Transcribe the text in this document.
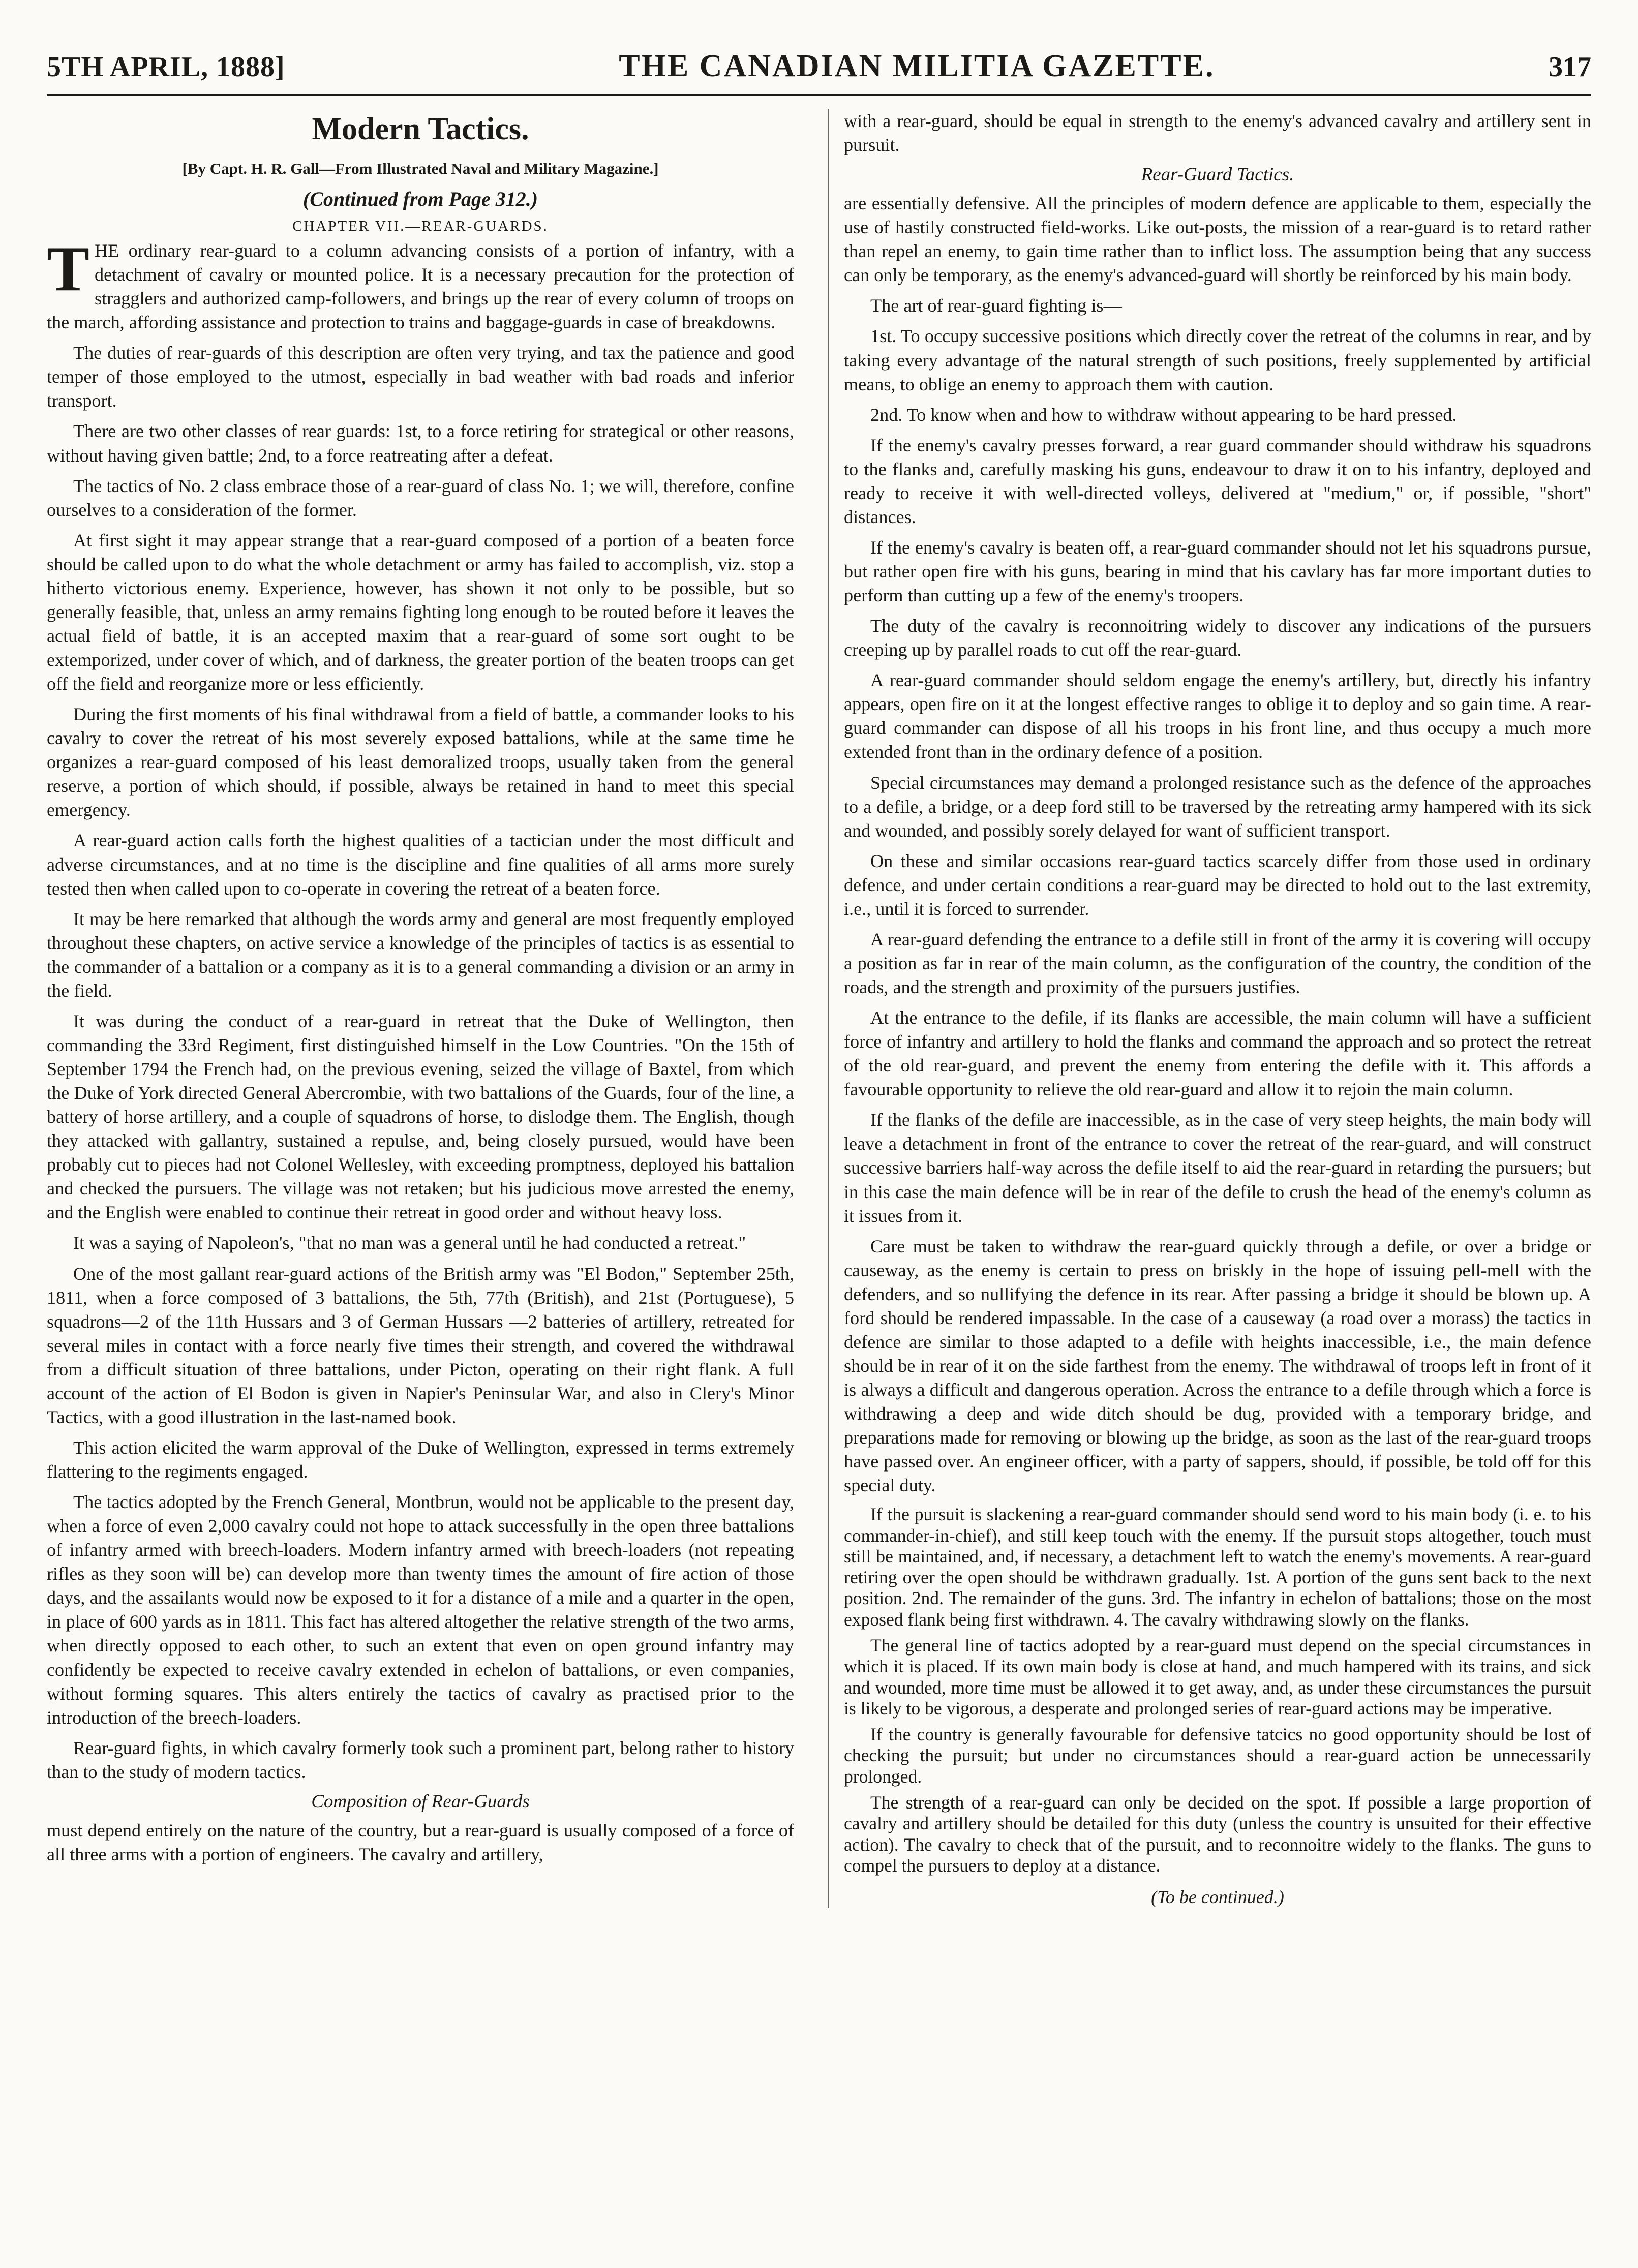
5TH APRIL, 1888]	THE CANADIAN MILITIA GAZETTE.	317
Modern Tactics.
[By Capt. H. R. Gall—From Illustrated Naval and Military Magazine.]
(Continued from Page 312.)
CHAPTER VII.—REAR-GUARDS.

THE ordinary rear-guard to a column advancing consists of a portion of infantry, with a detachment of cavalry or mounted police. It is a necessary precaution for the protection of stragglers and authorized camp-followers, and brings up the rear of every column of troops on the march, affording assistance and protection to trains and baggage-guards in case of breakdowns.

The duties of rear-guards of this description are often very trying, and tax the patience and good temper of those employed to the utmost, especially in bad weather with bad roads and inferior transport.

There are two other classes of rear guards: 1st, to a force retiring for strategical or other reasons, without having given battle; 2nd, to a force reatreating after a defeat.

The tactics of No. 2 class embrace those of a rear-guard of class No. 1; we will, therefore, confine ourselves to a consideration of the former.

At first sight it may appear strange that a rear-guard composed of a portion of a beaten force should be called upon to do what the whole detachment or army has failed to accomplish, viz. stop a hitherto victorious enemy. Experience, however, has shown it not only to be possible, but so generally feasible, that, unless an army remains fighting long enough to be routed before it leaves the actual field of battle, it is an accepted maxim that a rear-guard of some sort ought to be extemporized, under cover of which, and of darkness, the greater portion of the beaten troops can get off the field and reorganize more or less efficiently.

During the first moments of his final withdrawal from a field of battle, a commander looks to his cavalry to cover the retreat of his most severely exposed battalions, while at the same time he organizes a rear-guard composed of his least demoralized troops, usually taken from the general reserve, a portion of which should, if possible, always be retained in hand to meet this special emergency.

A rear-guard action calls forth the highest qualities of a tactician under the most difficult and adverse circumstances, and at no time is the discipline and fine qualities of all arms more surely tested then when called upon to co-operate in covering the retreat of a beaten force.

It may be here remarked that although the words army and general are most frequently employed throughout these chapters, on active service a knowledge of the principles of tactics is as essential to the commander of a battalion or a company as it is to a general commanding a division or an army in the field.

It was during the conduct of a rear-guard in retreat that the Duke of Wellington, then commanding the 33rd Regiment, first distinguished himself in the Low Countries. "On the 15th of September 1794 the French had, on the previous evening, seized the village of Baxtel, from which the Duke of York directed General Abercrombie, with two battalions of the Guards, four of the line, a battery of horse artillery, and a couple of squadrons of horse, to dislodge them. The English, though they attacked with gallantry, sustained a repulse, and, being closely pursued, would have been probably cut to pieces had not Colonel Wellesley, with exceeding promptness, deployed his battalion and checked the pursuers. The village was not retaken; but his judicious move arrested the enemy, and the English were enabled to continue their retreat in good order and without heavy loss.

It was a saying of Napoleon's, "that no man was a general until he had conducted a retreat."

One of the most gallant rear-guard actions of the British army was "El Bodon," September 25th, 1811, when a force composed of 3 battalions, the 5th, 77th (British), and 21st (Portuguese), 5 squadrons—2 of the 11th Hussars and 3 of German Hussars —2 batteries of artillery, retreated for several miles in contact with a force nearly five times their strength, and covered the withdrawal from a difficult situation of three battalions, under Picton, operating on their right flank. A full account of the action of El Bodon is given in Napier's Peninsular War, and also in Clery's Minor Tactics, with a good illustration in the last-named book.

This action elicited the warm approval of the Duke of Wellington, expressed in terms extremely flattering to the regiments engaged.

The tactics adopted by the French General, Montbrun, would not be applicable to the present day, when a force of even 2,000 cavalry could not hope to attack successfully in the open three battalions of infantry armed with breech-loaders. Modern infantry armed with breech-loaders (not repeating rifles as they soon will be) can develop more than twenty times the amount of fire action of those days, and the assailants would now be exposed to it for a distance of a mile and a quarter in the open, in place of 600 yards as in 1811. This fact has altered altogether the relative strength of the two arms, when directly opposed to each other, to such an extent that even on open ground infantry may confidently be expected to receive cavalry extended in echelon of battalions, or even companies, without forming squares. This alters entirely the tactics of cavalry as practised prior to the introduction of the breech-loaders.

Rear-guard fights, in which cavalry formerly took such a prominent part, belong rather to history than to the study of modern tactics.

Composition of Rear-Guards

must depend entirely on the nature of the country, but a rear-guard is usually composed of a force of all three arms with a portion of engineers. The cavalry and artillery,

with a rear-guard, should be equal in strength to the enemy's advanced cavalry and artillery sent in pursuit.

Rear-Guard Tactics.

are essentially defensive. All the principles of modern defence are applicable to them, especially the use of hastily constructed field-works. Like out-posts, the mission of a rear-guard is to retard rather than repel an enemy, to gain time rather than to inflict loss. The assumption being that any success can only be temporary, as the enemy's advanced-guard will shortly be reinforced by his main body.

The art of rear-guard fighting is—

1st. To occupy successive positions which directly cover the retreat of the columns in rear, and by taking every advantage of the natural strength of such positions, freely supplemented by artificial means, to oblige an enemy to approach them with caution.

2nd. To know when and how to withdraw without appearing to be hard pressed.

If the enemy's cavalry presses forward, a rear guard commander should withdraw his squadrons to the flanks and, carefully masking his guns, endeavour to draw it on to his infantry, deployed and ready to receive it with well-directed volleys, delivered at "medium," or, if possible, "short" distances.

If the enemy's cavalry is beaten off, a rear-guard commander should not let his squadrons pursue, but rather open fire with his guns, bearing in mind that his cavlary has far more important duties to perform than cutting up a few of the enemy's troopers.

The duty of the cavalry is reconnoitring widely to discover any indications of the pursuers creeping up by parallel roads to cut off the rear-guard.

A rear-guard commander should seldom engage the enemy's artillery, but, directly his infantry appears, open fire on it at the longest effective ranges to oblige it to deploy and so gain time. A rear-guard commander can dispose of all his troops in his front line, and thus occupy a much more extended front than in the ordinary defence of a position.

Special circumstances may demand a prolonged resistance such as the defence of the approaches to a defile, a bridge, or a deep ford still to be traversed by the retreating army hampered with its sick and wounded, and possibly sorely delayed for want of sufficient transport.

On these and similar occasions rear-guard tactics scarcely differ from those used in ordinary defence, and under certain conditions a rear-guard may be directed to hold out to the last extremity, i.e., until it is forced to surrender.

A rear-guard defending the entrance to a defile still in front of the army it is covering will occupy a position as far in rear of the main column, as the configuration of the country, the condition of the roads, and the strength and proximity of the pursuers justifies.

At the entrance to the defile, if its flanks are accessible, the main column will have a sufficient force of infantry and artillery to hold the flanks and command the approach and so protect the retreat of the old rear-guard, and prevent the enemy from entering the defile with it. This affords a favourable opportunity to relieve the old rear-guard and allow it to rejoin the main column.

If the flanks of the defile are inaccessible, as in the case of very steep heights, the main body will leave a detachment in front of the entrance to cover the retreat of the rear-guard, and will construct successive barriers half-way across the defile itself to aid the rear-guard in retarding the pursuers; but in this case the main defence will be in rear of the defile to crush the head of the enemy's column as it issues from it.

Care must be taken to withdraw the rear-guard quickly through a defile, or over a bridge or causeway, as the enemy is certain to press on briskly in the hope of issuing pell-mell with the defenders, and so nullifying the defence in its rear. After passing a bridge it should be blown up. A ford should be rendered impassable. In the case of a causeway (a road over a morass) the tactics in defence are similar to those adapted to a defile with heights inaccessible, i.e., the main defence should be in rear of it on the side farthest from the enemy. The withdrawal of troops left in front of it is always a difficult and dangerous operation. Across the entrance to a defile through which a force is withdrawing a deep and wide ditch should be dug, provided with a temporary bridge, and preparations made for removing or blowing up the bridge, as soon as the last of the rear-guard troops have passed over. An engineer officer, with a party of sappers, should, if possible, be told off for this special duty.

If the pursuit is slackening a rear-guard commander should send word to his main body (i. e. to his commander-in-chief), and still keep touch with the enemy. If the pursuit stops altogether, touch must still be maintained, and, if necessary, a detachment left to watch the enemy's movements. A rear-guard retiring over the open should be withdrawn gradually. 1st. A portion of the guns sent back to the next position. 2nd. The remainder of the guns. 3rd. The infantry in echelon of battalions; those on the most exposed flank being first withdrawn. 4. The cavalry withdrawing slowly on the flanks.

The general line of tactics adopted by a rear-guard must depend on the special circumstances in which it is placed. If its own main body is close at hand, and much hampered with its trains, and sick and wounded, more time must be allowed it to get away, and, as under these circumstances the pursuit is likely to be vigorous, a desperate and prolonged series of rear-guard actions may be imperative.

If the country is generally favourable for defensive tatcics no good opportunity should be lost of checking the pursuit; but under no circumstances should a rear-guard action be unnecessarily prolonged.

The strength of a rear-guard can only be decided on the spot. If possible a large proportion of cavalry and artillery should be detailed for this duty (unless the country is unsuited for their effective action). The cavalry to check that of the pursuit, and to reconnoitre widely to the flanks. The guns to compel the pursuers to deploy at a distance.

(To be continued.)
